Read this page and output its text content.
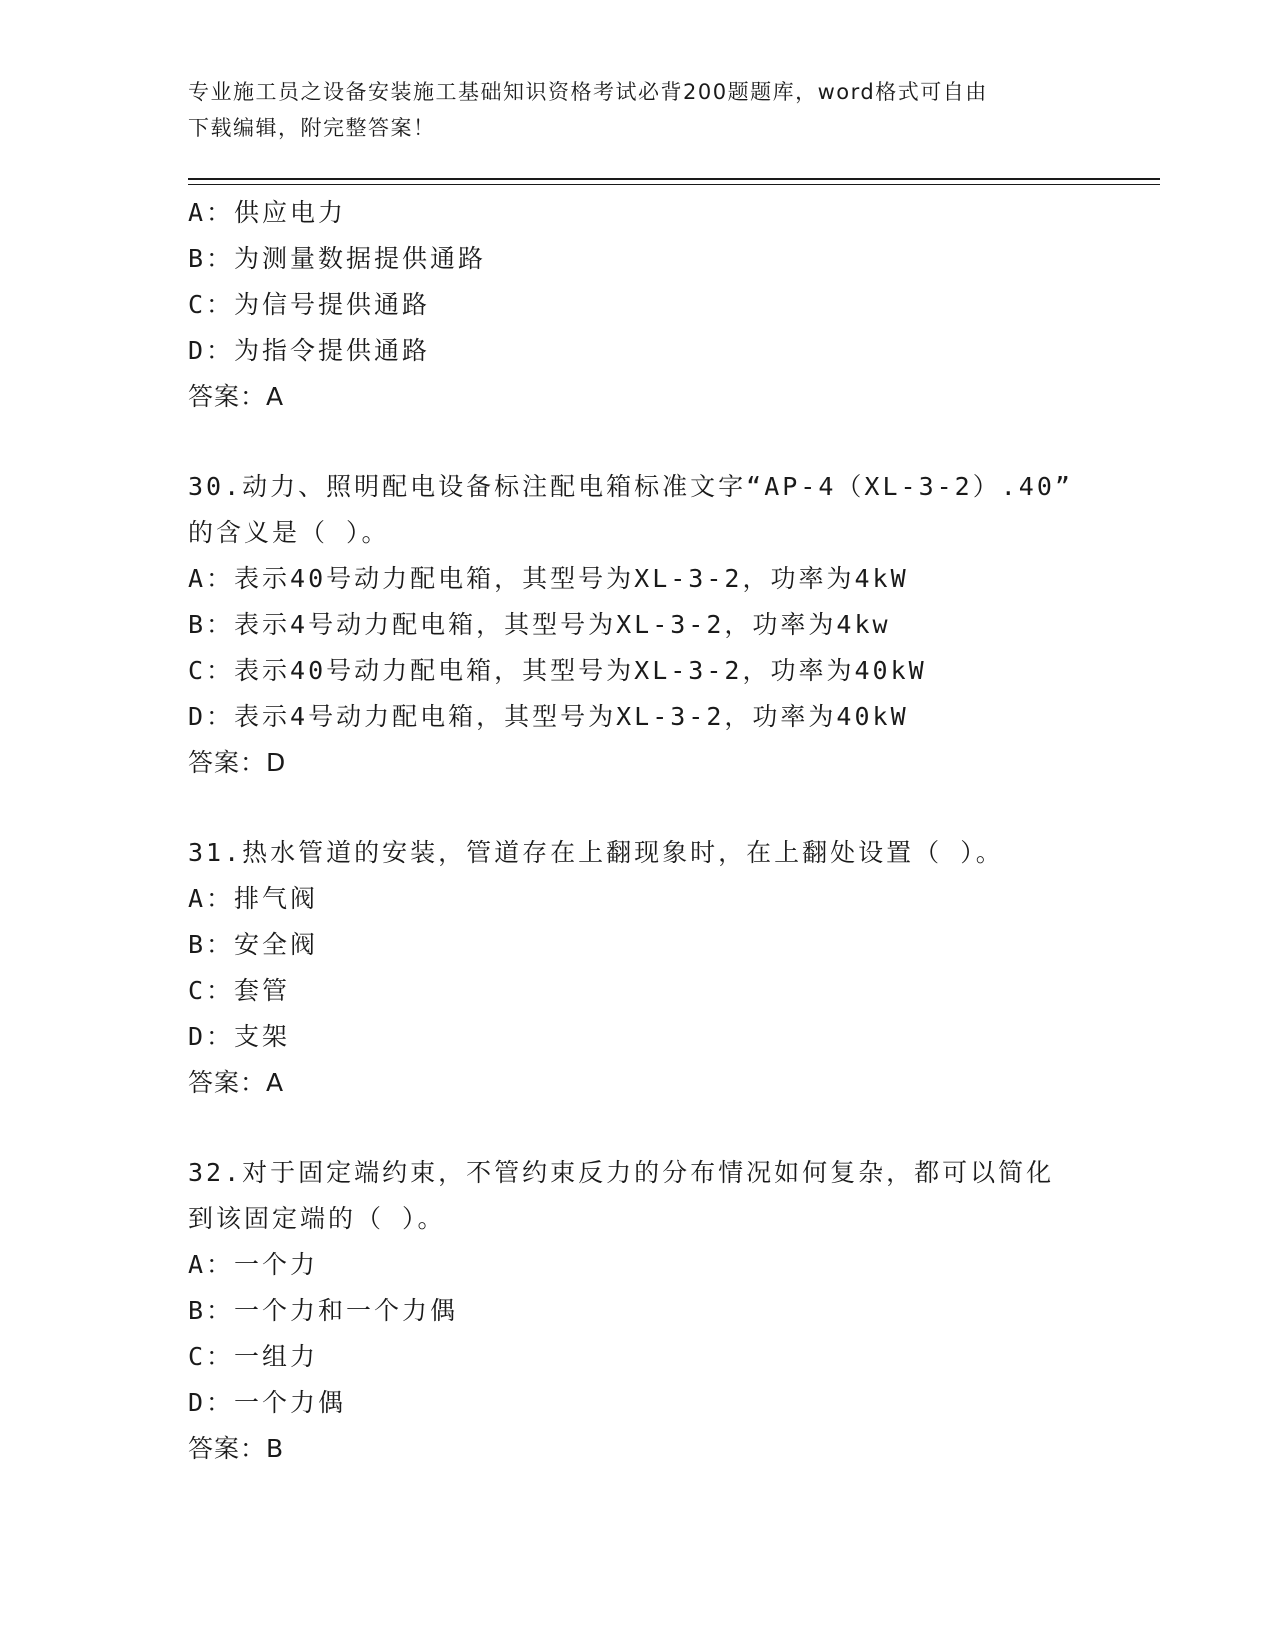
专业施工员之设备安装施工基础知识资格考试必背200题题库，word格式可自由
下载编辑，附完整答案！
A：供应电力
B：为测量数据提供通路
C：为信号提供通路
D：为指令提供通路
答案：A
30.动力、照明配电设备标注配电箱标准文字“AP-4（XL-3-2）.40”
的含义是（ ）。
A：表示40号动力配电箱，其型号为XL-3-2，功率为4kW
B：表示4号动力配电箱，其型号为XL-3-2，功率为4kw
C：表示40号动力配电箱，其型号为XL-3-2，功率为40kW
D：表示4号动力配电箱，其型号为XL-3-2，功率为40kW
答案：D
31.热水管道的安装，管道存在上翻现象时，在上翻处设置（ ）。
A：排气阀
B：安全阀
C：套管
D：支架
答案：A
32.对于固定端约束，不管约束反力的分布情况如何复杂，都可以简化
到该固定端的（ ）。
A：一个力
B：一个力和一个力偶
C：一组力
D：一个力偶
答案：B
